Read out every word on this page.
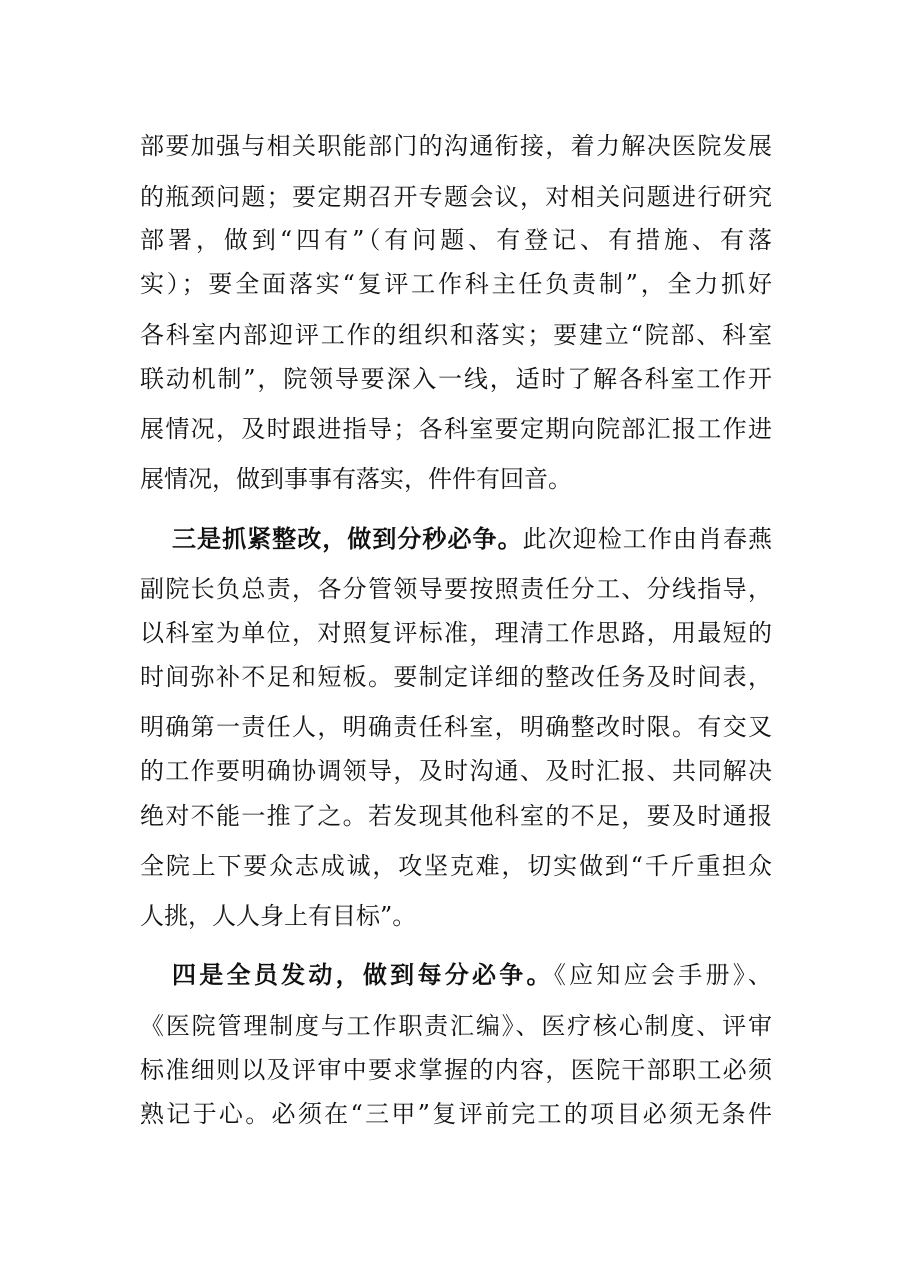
部要加强与相关职能部门的沟通衔接，着力解决医院发展
的瓶颈问题；要定期召开专题会议，对相关问题进行研究
部署，做到“四有”（有问题、有登记、有措施、有落
实）；要全面落实“复评工作科主任负责制”，全力抓好
各科室内部迎评工作的组织和落实；要建立“院部、科室
联动机制”，院领导要深入一线，适时了解各科室工作开
展情况，及时跟进指导；各科室要定期向院部汇报工作进
展情况，做到事事有落实，件件有回音。
三是抓紧整改，做到分秒必争。此次迎检工作由肖春燕
副院长负总责，各分管领导要按照责任分工、分线指导，
以科室为单位，对照复评标准，理清工作思路，用最短的
时间弥补不足和短板。要制定详细的整改任务及时间表，
明确第一责任人，明确责任科室，明确整改时限。有交叉
的工作要明确协调领导，及时沟通、及时汇报、共同解决
绝对不能一推了之。若发现其他科室的不足，要及时通报
全院上下要众志成诚，攻坚克难，切实做到“千斤重担众
人挑，人人身上有目标”。
四是全员发动，做到每分必争。《应知应会手册》、
《医院管理制度与工作职责汇编》、医疗核心制度、评审
标准细则以及评审中要求掌握的内容，医院干部职工必须
熟记于心。必须在“三甲”复评前完工的项目必须无条件
